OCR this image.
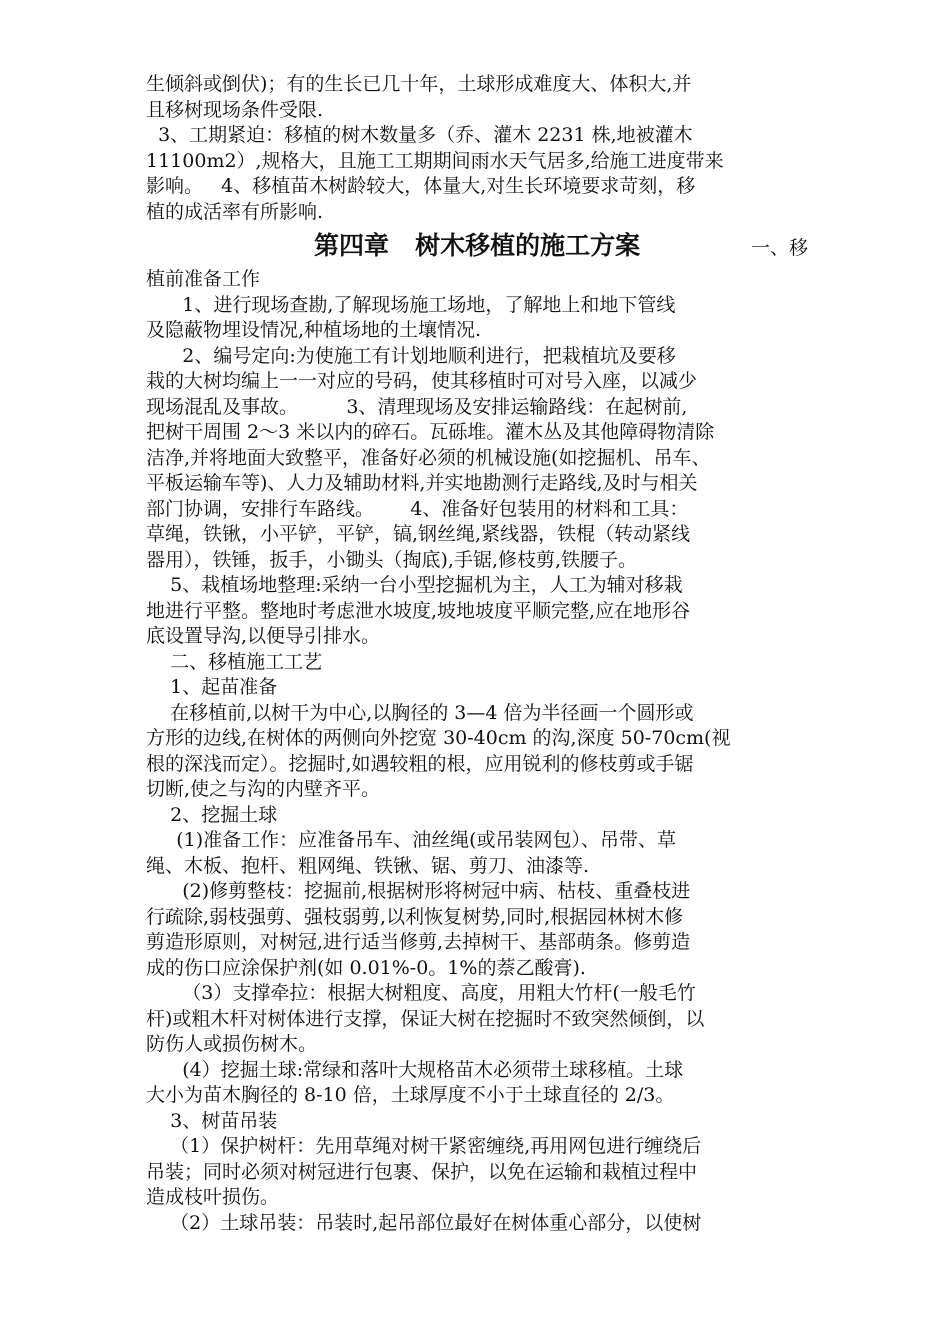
生倾斜或倒伏)；有的生长已几十年，土球形成难度大、体积大,并
且移树现场条件受限.
3、工期紧迫：移植的树木数量多（乔、灌木 2231 株,地被灌木
11100m2）,规格大，且施工工期期间雨水天气居多,给施工进度带来
影响。   4、移植苗木树龄较大，体量大,对生长环境要求苛刻，移
植的成活率有所影响.

第四章   树木移植的施工方案

	一、移

植前准备工作
1、进行现场查勘,了解现场施工场地，了解地上和地下管线
及隐蔽物埋设情况,种植场地的土壤情况.
2、编号定向:为使施工有计划地顺利进行，把栽植坑及要移
栽的大树均编上一一对应的号码，使其移植时可对号入座，以减少
现场混乱及事故。        3、清理现场及安排运输路线：在起树前,
把树干周围 2～3 米以内的碎石。瓦砾堆。灌木丛及其他障碍物清除
洁净,并将地面大致整平，准备好必须的机械设施(如挖掘机、吊车、
平板运输车等)、人力及辅助材料,并实地勘测行走路线,及时与相关
部门协调，安排行车路线。      4、准备好包装用的材料和工具：
草绳，铁锹，小平铲，平铲，镐,钢丝绳,紧线器，铁棍（转动紧线
器用），铁锤，扳手，小锄头（掏底),手锯,修枝剪,铁腰子。
5、栽植场地整理:采纳一台小型挖掘机为主，人工为辅对移栽
地进行平整。整地时考虑泄水坡度,坡地坡度平顺完整,应在地形谷
底设置导沟,以便导引排水。
二、移植施工工艺
1、起苗准备
在移植前,以树干为中心,以胸径的 3—4 倍为半径画一个圆形或
方形的边线,在树体的两侧向外挖宽 30-40cm 的沟,深度 50-70cm(视
根的深浅而定）。挖掘时,如遇较粗的根，应用锐利的修枝剪或手锯
切断,使之与沟的内壁齐平。
2、挖掘土球
(1)准备工作：应准备吊车、油丝绳(或吊装网包）、吊带、草
绳、木板、抱杆、粗网绳、铁锹、锯、剪刀、油漆等.
(2)修剪整枝：挖掘前,根据树形将树冠中病、枯枝、重叠枝进
行疏除,弱枝强剪、强枝弱剪,以利恢复树势,同时,根据园林树木修
剪造形原则，对树冠,进行适当修剪,去掉树干、基部萌条。修剪造
成的伤口应涂保护剂(如 0.01%-0。1%的萘乙酸膏).
（3）支撑牵拉：根据大树粗度、高度，用粗大竹杆(一般毛竹
杆)或粗木杆对树体进行支撑，保证大树在挖掘时不致突然倾倒，以
防伤人或损伤树木。
(4）挖掘土球:常绿和落叶大规格苗木必须带土球移植。土球
大小为苗木胸径的 8-10 倍，土球厚度不小于土球直径的 2/3。
3、树苗吊装
（1）保护树杆：先用草绳对树干紧密缠绕,再用网包进行缠绕后
吊装；同时必须对树冠进行包裹、保护，以免在运输和栽植过程中
造成枝叶损伤。
（2）土球吊装：吊装时,起吊部位最好在树体重心部分，以使树
